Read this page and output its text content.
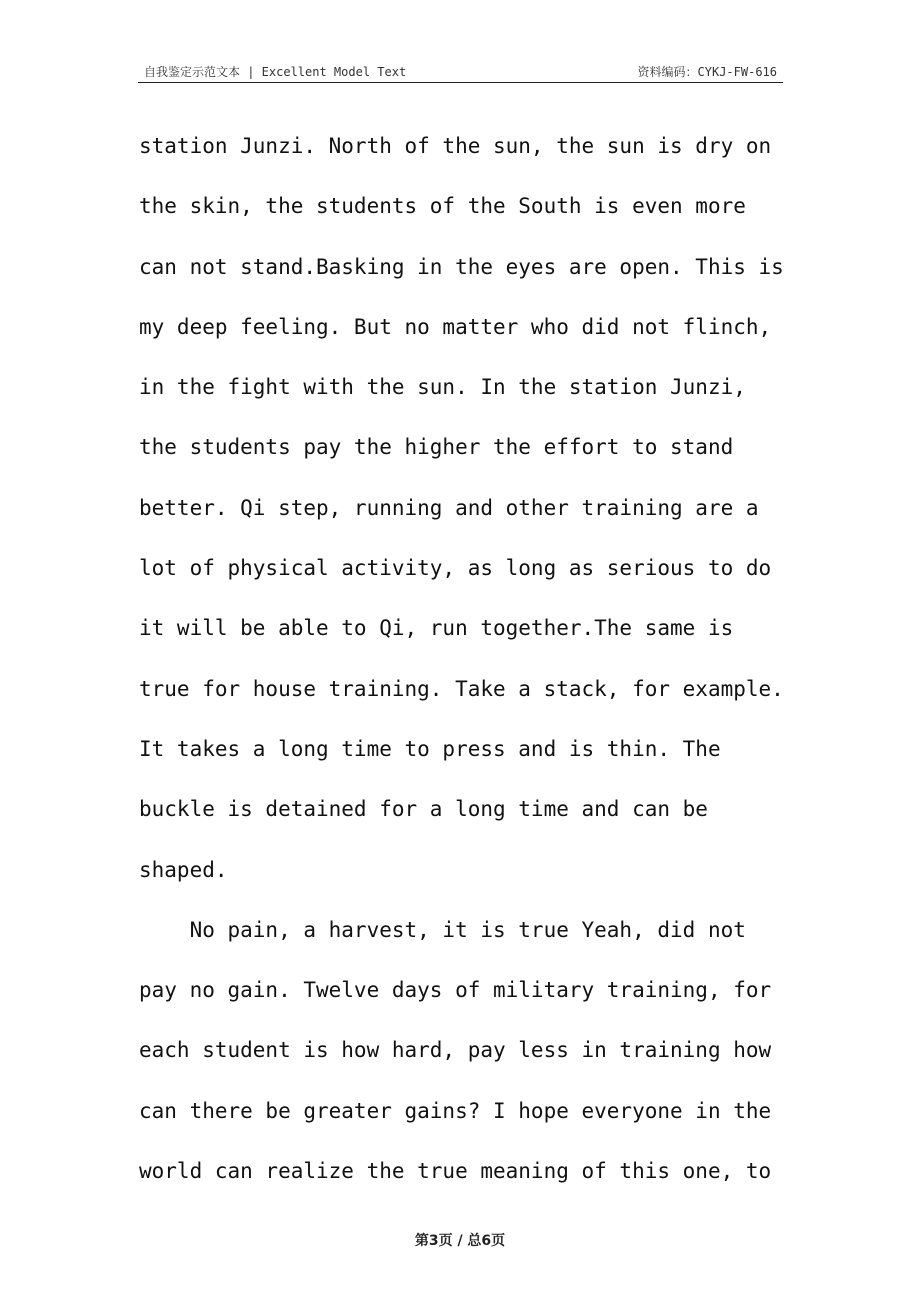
自我鉴定示范文本 | Excellent Model Text	资料编码：CYKJ-FW-616
station Junzi. North of the sun, the sun is dry on
the skin, the students of the South is even more
can not stand.Basking in the eyes are open. This is
my deep feeling. But no matter who did not flinch,
in the fight with the sun. In the station Junzi,
the students pay the higher the effort to stand
better. Qi step, running and other training are a
lot of physical activity, as long as serious to do
it will be able to Qi, run together.The same is
true for house training. Take a stack, for example.
It takes a long time to press and is thin. The
buckle is detained for a long time and can be
shaped.
No pain, a harvest, it is true Yeah, did not
pay no gain. Twelve days of military training, for
each student is how hard, pay less in training how
can there be greater gains? I hope everyone in the
world can realize the true meaning of this one, to
第3页 / 总6页
